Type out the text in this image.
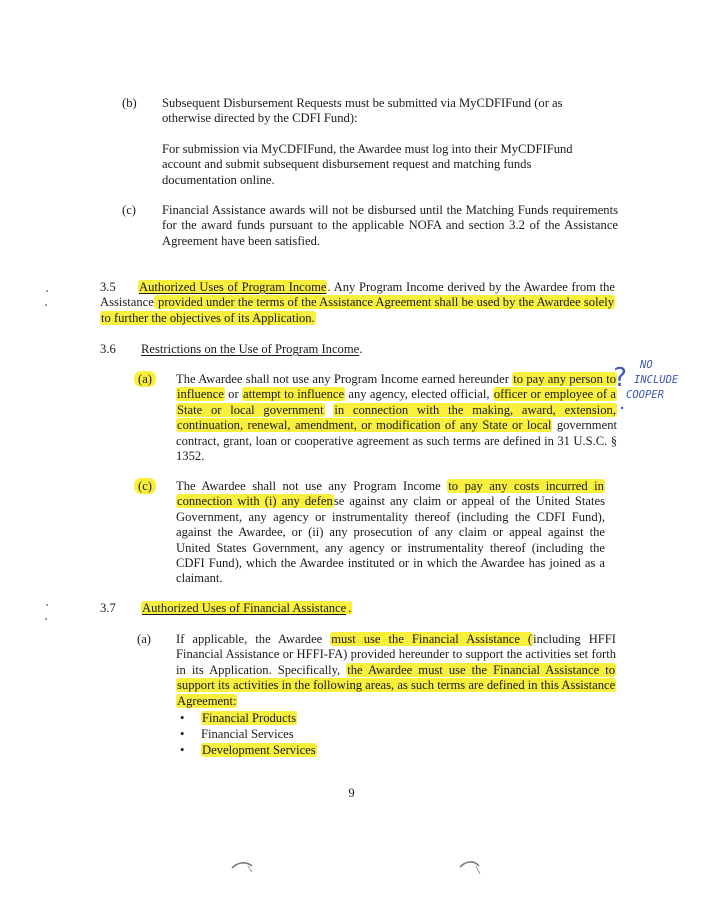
(b) Subsequent Disbursement Requests must be submitted via MyCDFIFund (or as otherwise directed by the CDFI Fund):

For submission via MyCDFIFund, the Awardee must log into their MyCDFIFund account and submit subsequent disbursement request and matching funds documentation online.

(c) Financial Assistance awards will not be disbursed until the Matching Funds requirements for the award funds pursuant to the applicable NOFA and section 3.2 of the Assistance Agreement have been satisfied.

3.5	Authorized Uses of Program Income. Any Program Income derived by the Awardee from the Assistance provided under the terms of the Assistance Agreement shall be used by the Awardee solely to further the objectives of its Application.

3.6 Restrictions on the Use of Program Income.

(a)	The Awardee shall not use any Program Income earned hereunder to pay any person to influence or attempt to influence any agency, elected official, officer or employee of a State or local government in connection with the making, award, extension, continuation, renewal, amendment, or modification of any State or local government contract, grant, loan or cooperative agreement as such terms are defined in 31 U.S.C. § 1352.

(c)	The Awardee shall not use any Program Income to pay any costs incurred in connection with (i) any defense against any claim or appeal of the United States Government, any agency or instrumentality thereof (including the CDFI Fund), against the Awardee, or (ii) any prosecution of any claim or appeal against the United States Government, any agency or instrumentality thereof (including the CDFI Fund), which the Awardee instituted or in which the Awardee has joined as a claimant.

3.7 Authorized Uses of Financial Assistance .

(a) If applicable, the Awardee must use the Financial Assistance (including HFFI Financial Assistance or HFFI-FA) provided hereunder to support the activities set forth in its Application. Specifically, the Awardee must use the Financial Assistance to support its activities in the following areas, as such terms are defined in this Assistance Agreement:

• Financial Products
• Financial Services
• Development Services
9
?	NO
INCLUDE
COOPER
